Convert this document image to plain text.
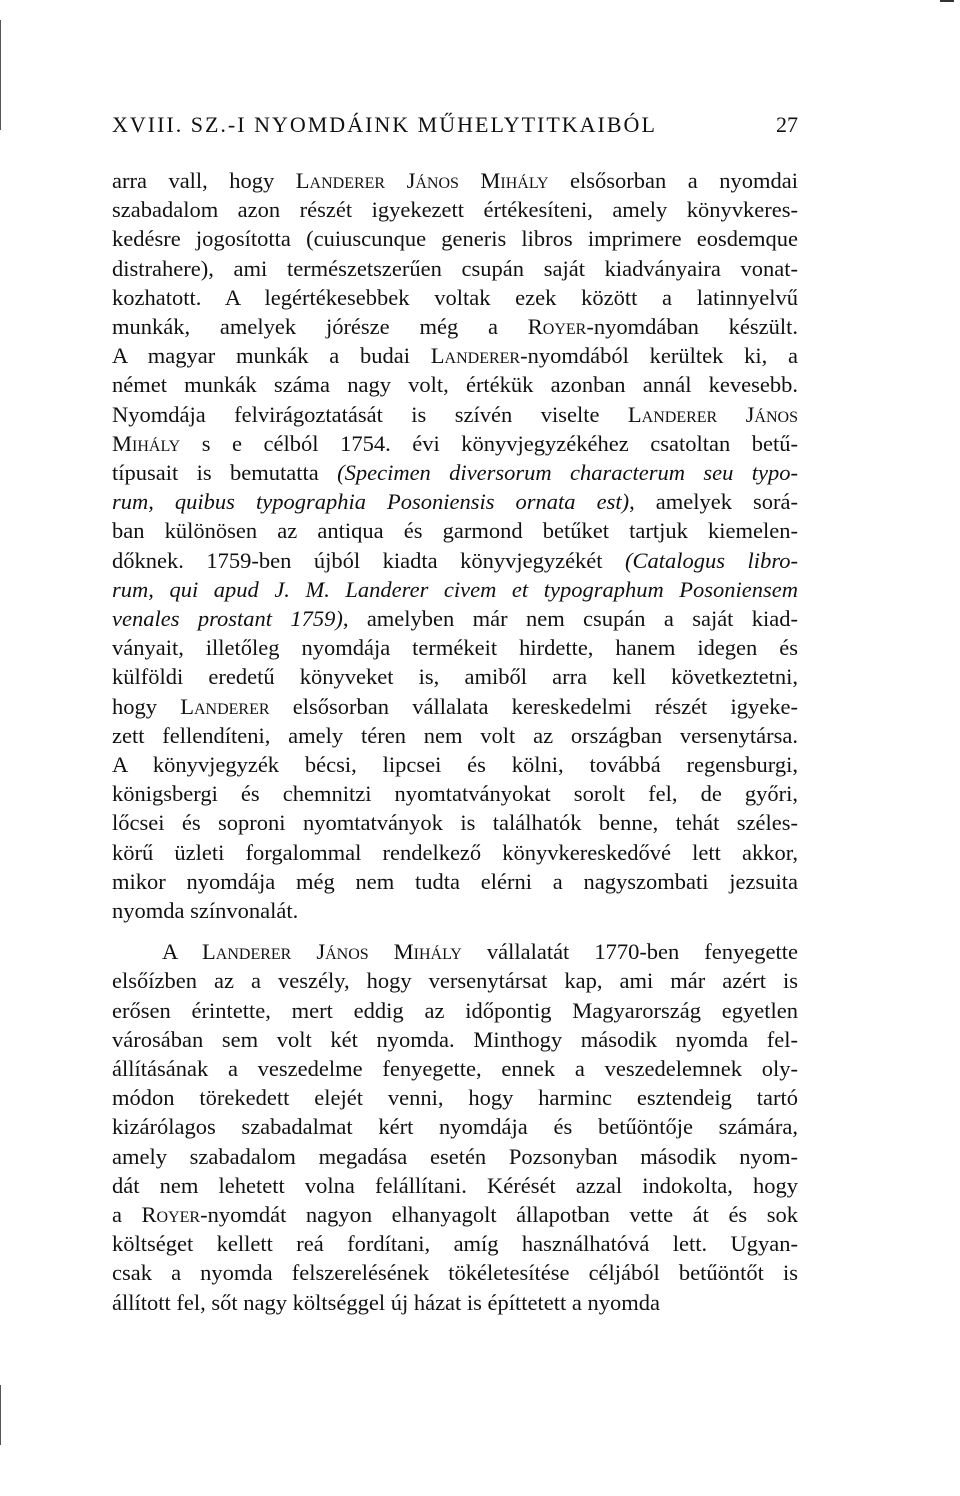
XVIII. SZ.-I NYOMDÁINK MŰHELYTITKAIBÓL	27
arra vall, hogy Landerer János Mihály elsősorban a nyomdai
szabadalom azon részét igyekezett értékesíteni, amely könyvkeres-
kedésre jogosította (cuiuscunque generis libros imprimere eosdemque
distrahere), ami természetszerűen csupán saját kiadványaira vonat-
kozhatott. A legértékesebbek voltak ezek között a latinnyelvű
munkák, amelyek jórésze még a Royer-nyomdában készült.
A magyar munkák a budai Landerer-nyomdából kerültek ki, a
német munkák száma nagy volt, értékük azonban annál kevesebb.
Nyomdája felvirágoztatását is szívén viselte Landerer János
Mihály s e célból 1754. évi könyvjegyzékéhez csatoltan betű-
típusait is bemutatta (Specimen diversorum characterum seu typo-
rum, quibus typographia Posoniensis ornata est), amelyek sorá-
ban különösen az antiqua és garmond betűket tartjuk kiemelen-
dőknek. 1759-ben újból kiadta könyvjegyzékét (Catalogus libro-
rum, qui apud J. M. Landerer civem et typographum Posoniensem
venales prostant 1759), amelyben már nem csupán a saját kiad-
ványait, illetőleg nyomdája termékeit hirdette, hanem idegen és
külföldi eredetű könyveket is, amiből arra kell következtetni,
hogy Landerer elsősorban vállalata kereskedelmi részét igyeke-
zett fellendíteni, amely téren nem volt az országban versenytársa.
A könyvjegyzék bécsi, lipcsei és kölni, továbbá regensburgi,
königsbergi és chemnitzi nyomtatványokat sorolt fel, de győri,
lőcsei és soproni nyomtatványok is találhatók benne, tehát széles-
körű üzleti forgalommal rendelkező könyvkereskedővé lett akkor,
mikor nyomdája még nem tudta elérni a nagyszombati jezsuita
nyomda színvonalát.
A Landerer János Mihály vállalatát 1770-ben fenyegette
elsőízben az a veszély, hogy versenytársat kap, ami már azért is
erősen érintette, mert eddig az időpontig Magyarország egyetlen
városában sem volt két nyomda. Minthogy második nyomda fel-
állításának a veszedelme fenyegette, ennek a veszedelemnek oly-
módon törekedett elejét venni, hogy harminc esztendeig tartó
kizárólagos szabadalmat kért nyomdája és betűöntője számára,
amely szabadalom megadása esetén Pozsonyban második nyom-
dát nem lehetett volna felállítani. Kérését azzal indokolta, hogy
a Royer-nyomdát nagyon elhanyagolt állapotban vette át és sok
költséget kellett reá fordítani, amíg használhatóvá lett. Ugyan-
csak a nyomda felszerelésének tökéletesítése céljából betűöntőt is
állított fel, sőt nagy költséggel új házat is építtetett a nyomda
